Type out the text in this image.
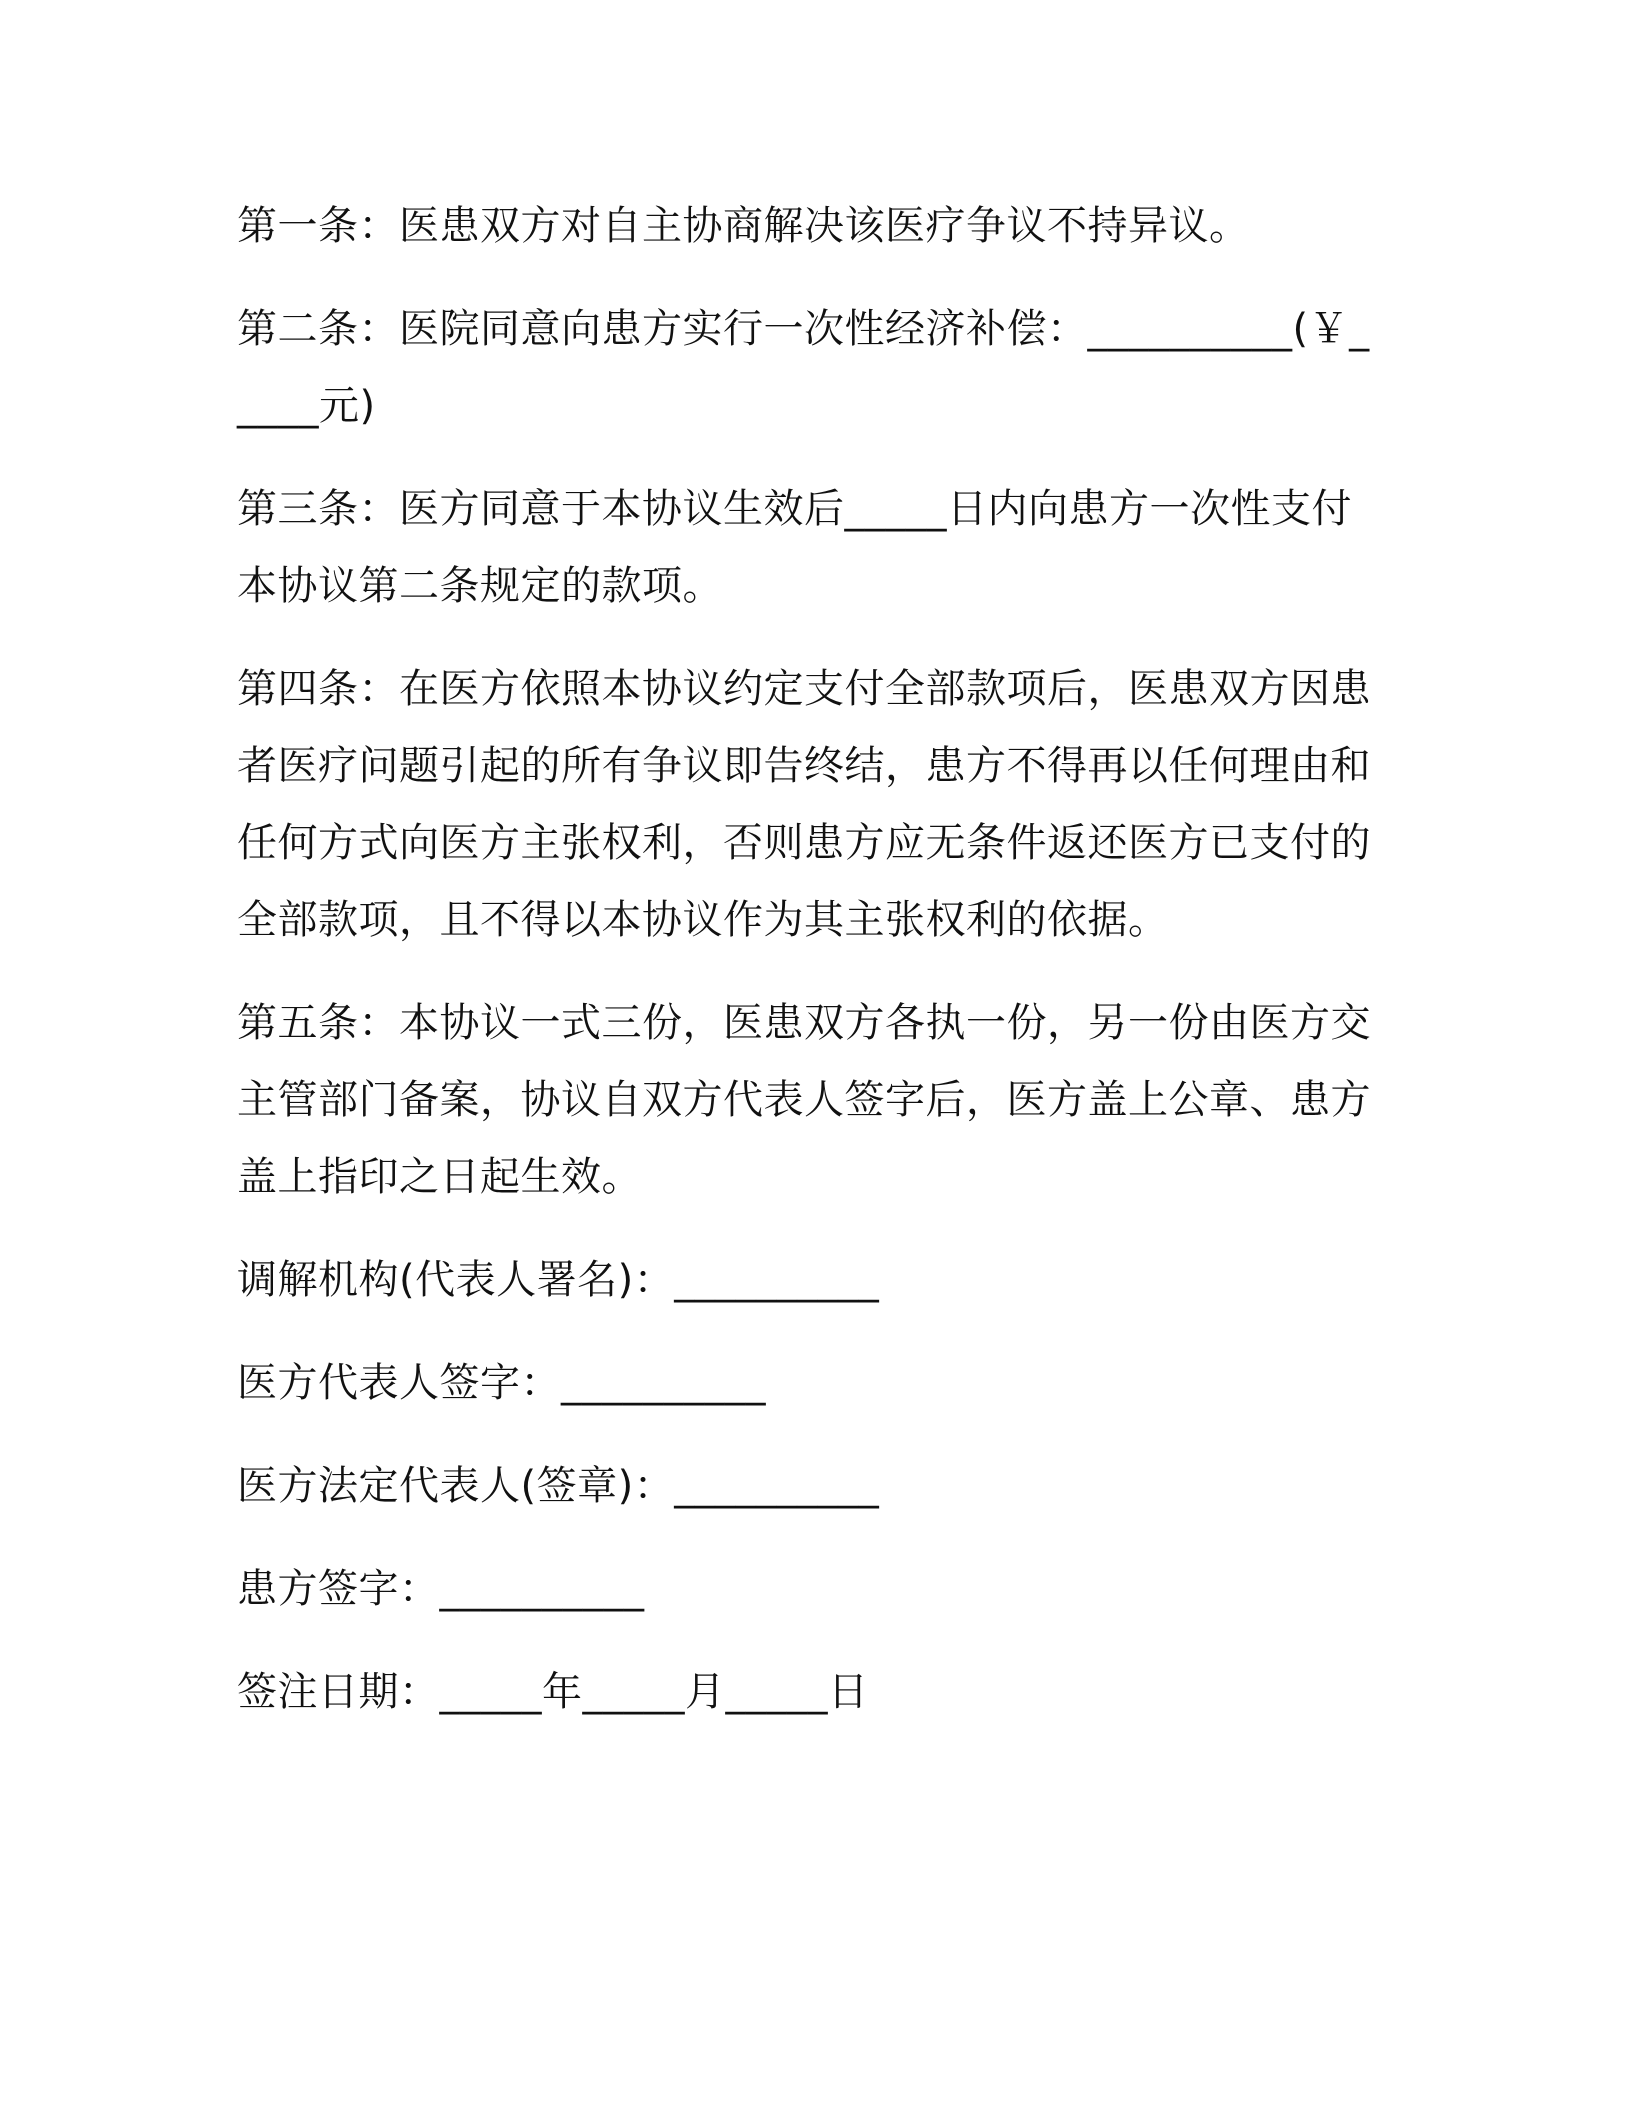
第一条：医患双方对自主协商解决该医疗争议不持异议。

第二条：医院同意向患方实行一次性经济补偿：__________(￥_____元)

第三条：医方同意于本协议生效后_____日内向患方一次性支付本协议第二条规定的款项。

第四条：在医方依照本协议约定支付全部款项后，医患双方因患者医疗问题引起的所有争议即告终结，患方不得再以任何理由和任何方式向医方主张权利，否则患方应无条件返还医方已支付的全部款项，且不得以本协议作为其主张权利的依据。

第五条：本协议一式三份，医患双方各执一份，另一份由医方交主管部门备案，协议自双方代表人签字后，医方盖上公章、患方盖上指印之日起生效。

调解机构(代表人署名)：__________

医方代表人签字：__________

医方法定代表人(签章)：__________

患方签字：__________

签注日期：_____年_____月_____日
